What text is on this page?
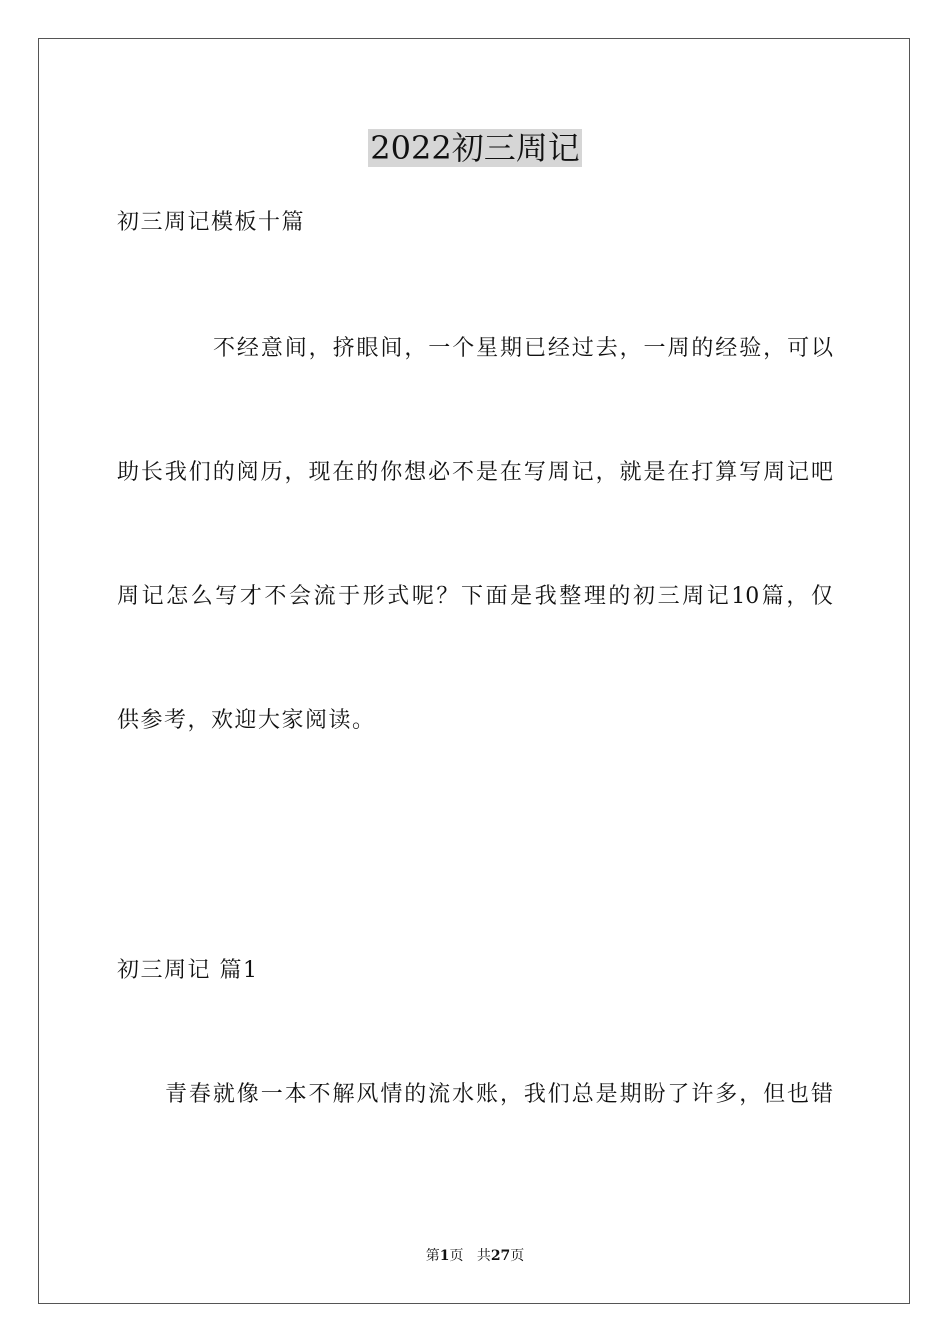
2022初三周记
初三周记模板十篇
不经意间，挤眼间，一个星期已经过去，一周的经验，可以
助长我们的阅历，现在的你想必不是在写周记，就是在打算写周记吧
周记怎么写才不会流于形式呢？下面是我整理的初三周记10篇，仅
供参考，欢迎大家阅读。
初三周记 篇1
青春就像一本不解风情的流水账，我们总是期盼了许多，但也错
第1页 共27页
